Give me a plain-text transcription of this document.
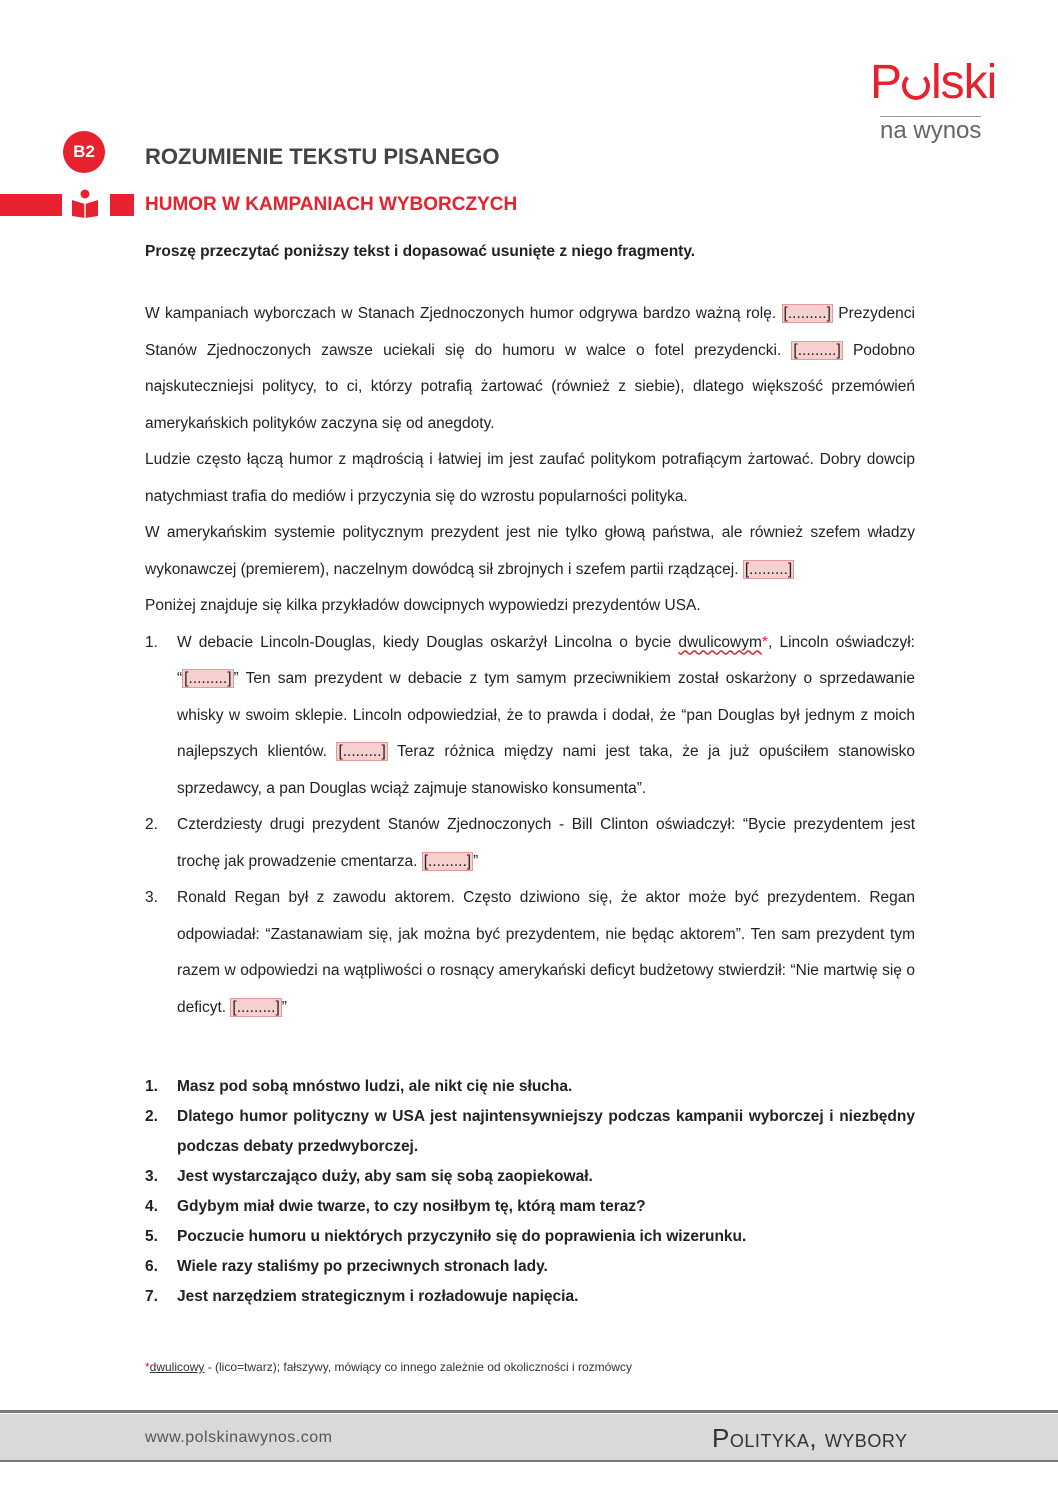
P lski
na wynos
B2	ROZUMIENIE TEKSTU PISANEGO
HUMOR W KAMPANIACH WYBORCZYCH
Proszę przeczytać poniższy tekst i dopasować usunięte z niego fragmenty.

W kampaniach wyborczach w Stanach Zjednoczonych humor odgrywa bardzo ważną rolę. [.........] Prezydenci Stanów Zjednoczonych zawsze uciekali się do humoru w walce o fotel prezydencki. [.........] Podobno najskuteczniejsi politycy, to ci, którzy potrafią żartować (również z siebie), dlatego większość przemówień amerykańskich polityków zaczyna się od anegdoty.

Ludzie często łączą humor z mądrością i łatwiej im jest zaufać politykom potrafiącym żartować. Dobry dowcip natychmiast trafia do mediów i przyczynia się do wzrostu popularności polityka.

W amerykańskim systemie politycznym prezydent jest nie tylko głową państwa, ale również szefem władzy wykonawczej (premierem), naczelnym dowódcą sił zbrojnych i szefem partii rządzącej. [.........]

Poniżej znajduje się kilka przykładów dowcipnych wypowiedzi prezydentów USA.

1. W debacie Lincoln-Douglas, kiedy Douglas oskarżył Lincolna o bycie dwulicowym*, Lincoln oświadczył: “ [.........] ” Ten sam prezydent w debacie z tym samym przeciwnikiem został oskarżony o sprzedawanie whisky w swoim sklepie. Lincoln odpowiedział, że to prawda i dodał, że “pan Douglas był jednym z moich najlepszych klientów. [.........] Teraz różnica między nami jest taka, że ja już opuściłem stanowisko sprzedawcy, a pan Douglas wciąż zajmuje stanowisko konsumenta”.
2. Czterdziesty drugi prezydent Stanów Zjednoczonych - Bill Clinton oświadczył: “Bycie prezydentem jest trochę jak prowadzenie cmentarza. [.........] ”
3. Ronald Regan był z zawodu aktorem. Często dziwiono się, że aktor może być prezydentem. Regan odpowiadał: “Zastanawiam się, jak można być prezydentem, nie będąc aktorem”. Ten sam prezydent tym razem w odpowiedzi na wątpliwości o rosnący amerykański deficyt budżetowy stwierdził: “Nie martwię się o deficyt. [.........] ”
1. Masz pod sobą mnóstwo ludzi, ale nikt cię nie słucha.
2. Dlatego humor polityczny w USA jest najintensywniejszy podczas kampanii wyborczej i niezbędny podczas debaty przedwyborczej.
3. Jest wystarczająco duży, aby sam się sobą zaopiekował.
4. Gdybym miał dwie twarze, to czy nosiłbym tę, którą mam teraz?
5. Poczucie humoru u niektórych przyczyniło się do poprawienia ich wizerunku.
6. Wiele razy staliśmy po przeciwnych stronach lady.
7. Jest narzędziem strategicznym i rozładowuje napięcia.
*dwulicowy - (lico=twarz); fałszywy, mówiący co innego zależnie od okoliczności i rozmówcy
www.polskinawynos.com	Polityka, wybory
